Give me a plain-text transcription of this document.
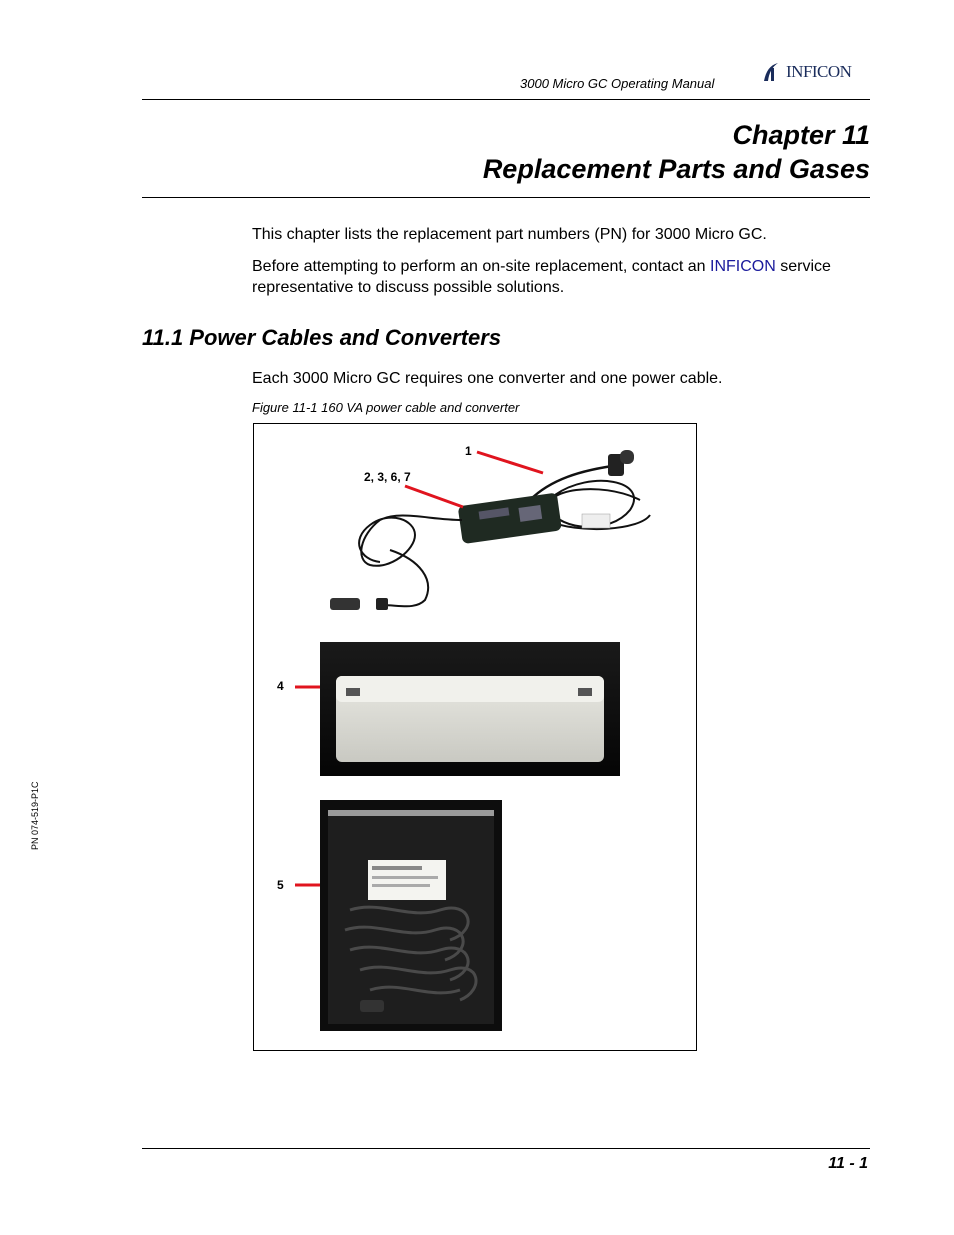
3000 Micro GC Operating Manual
INFICON
Chapter 11
Replacement Parts and Gases
This chapter lists the replacement part numbers (PN) for 3000 Micro GC.
Before attempting to perform an on-site replacement, contact an INFICON service
representative to discuss possible solutions.
11.1 Power Cables and Converters
Each 3000 Micro GC requires one converter and one power cable.
Figure 11-1 160 VA power cable and converter
1
2, 3, 6, 7
4
5
PN 074-519-P1C
11 - 1
